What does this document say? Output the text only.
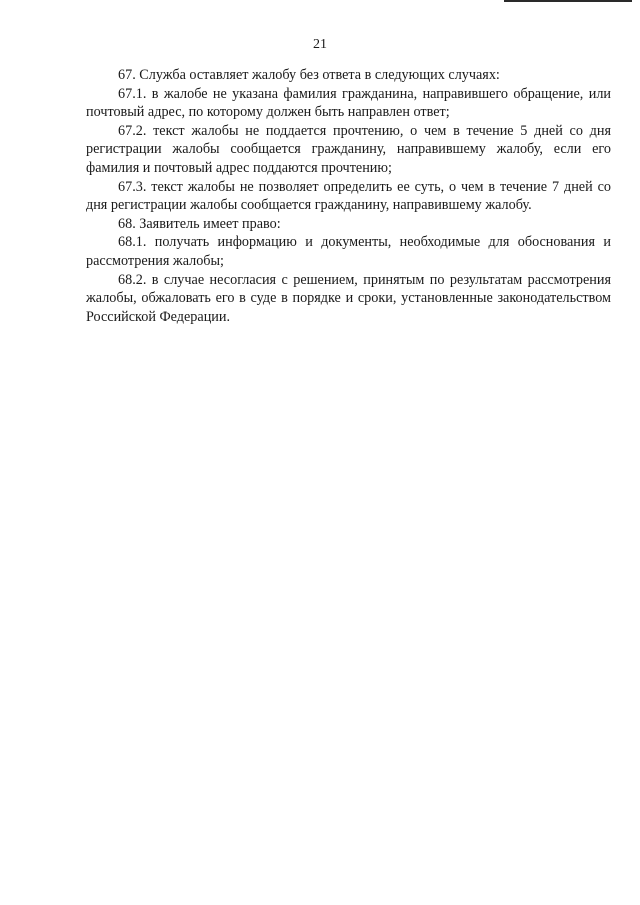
21

67. Служба оставляет жалобу без ответа в следующих случаях:

67.1. в жалобе не указана фамилия гражданина, направившего обращение, или почтовый адрес, по которому должен быть направлен ответ;

67.2. текст жалобы не поддается прочтению, о чем в течение 5 дней со дня регистрации жалобы сообщается гражданину, направившему жалобу, если его фамилия и почтовый адрес поддаются прочтению;

67.3. текст жалобы не позволяет определить ее суть, о чем в течение 7 дней со дня регистрации жалобы сообщается гражданину, направившему жалобу.

68. Заявитель имеет право:

68.1. получать информацию и документы, необходимые для обоснования и рассмотрения жалобы;

68.2. в случае несогласия с решением, принятым по результатам рассмотрения жалобы, обжаловать его в суде в порядке и сроки, установленные законодательством Российской Федерации.
